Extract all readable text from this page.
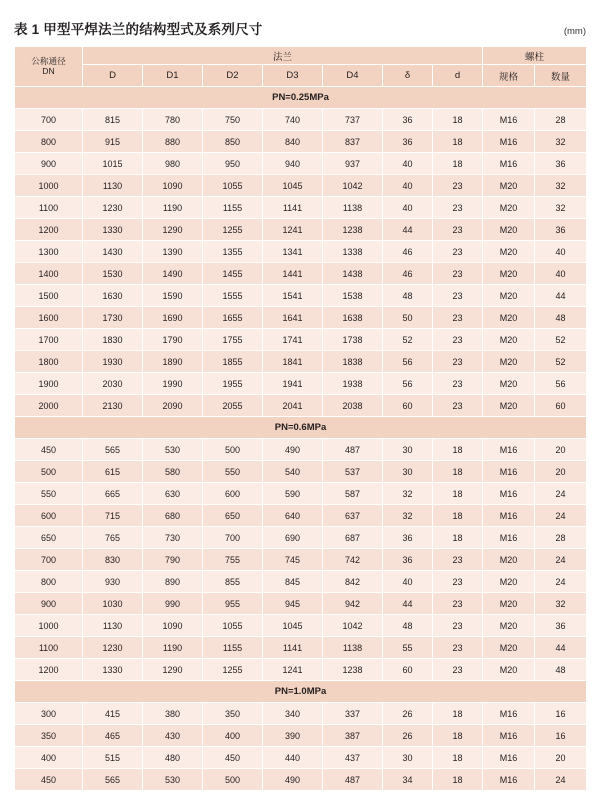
表 1 甲型平焊法兰的结构型式及系列尺寸	(mm)
公称通径
DN	法兰							螺柱	
	D	D1	D2	D3	D4	δ	d	规格	数量
PN=0.25MPa									
700	815	780	750	740	737	36	18	M16	28
800	915	880	850	840	837	36	18	M16	32
900	1015	980	950	940	937	40	18	M16	36
1000	1130	1090	1055	1045	1042	40	23	M20	32
1100	1230	1190	1155	1141	1138	40	23	M20	32
1200	1330	1290	1255	1241	1238	44	23	M20	36
1300	1430	1390	1355	1341	1338	46	23	M20	40
1400	1530	1490	1455	1441	1438	46	23	M20	40
1500	1630	1590	1555	1541	1538	48	23	M20	44
1600	1730	1690	1655	1641	1638	50	23	M20	48
1700	1830	1790	1755	1741	1738	52	23	M20	52
1800	1930	1890	1855	1841	1838	56	23	M20	52
1900	2030	1990	1955	1941	1938	56	23	M20	56
2000	2130	2090	2055	2041	2038	60	23	M20	60
PN=0.6MPa									
450	565	530	500	490	487	30	18	M16	20
500	615	580	550	540	537	30	18	M16	20
550	665	630	600	590	587	32	18	M16	24
600	715	680	650	640	637	32	18	M16	24
650	765	730	700	690	687	36	18	M16	28
700	830	790	755	745	742	36	23	M20	24
800	930	890	855	845	842	40	23	M20	24
900	1030	990	955	945	942	44	23	M20	32
1000	1130	1090	1055	1045	1042	48	23	M20	36
1100	1230	1190	1155	1141	1138	55	23	M20	44
1200	1330	1290	1255	1241	1238	60	23	M20	48
PN=1.0MPa									
300	415	380	350	340	337	26	18	M16	16
350	465	430	400	390	387	26	18	M16	16
400	515	480	450	440	437	30	18	M16	20
450	565	530	500	490	487	34	18	M16	24
